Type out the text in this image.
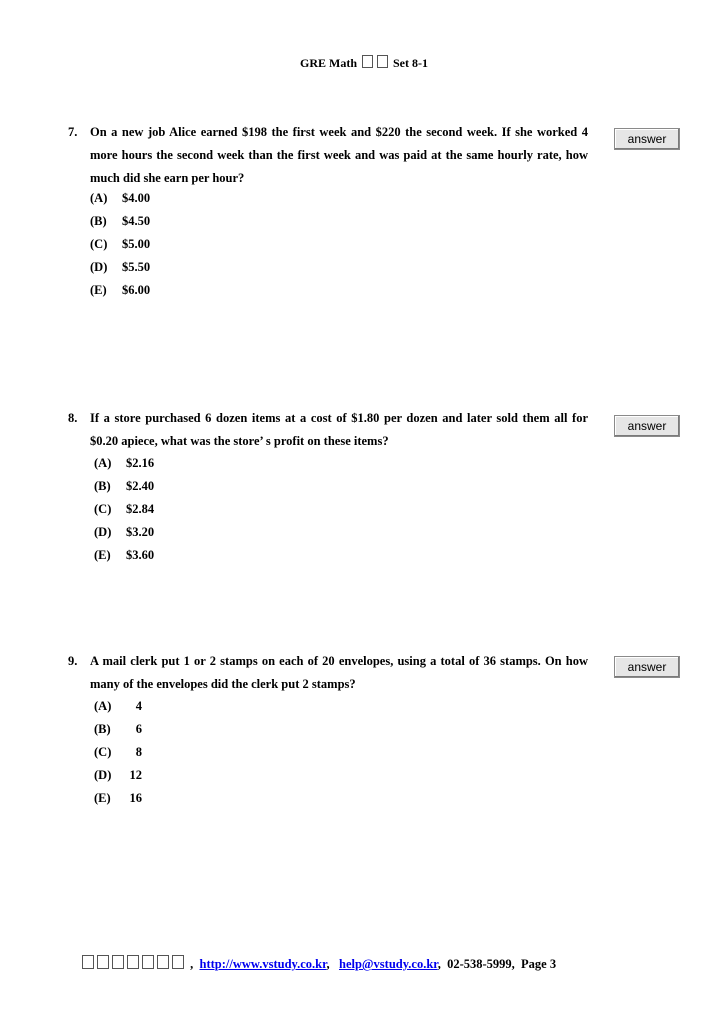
GRE Math	Set 8-1
7. On a new job Alice earned $198 the first week and $220 the second week. If she worked 4 more hours the second week than the first week and was paid at the same hourly rate, how much did she earn per hour?
(A) $4.00
(B) $4.50
(C) $5.00
(D) $5.50
(E) $6.00
answer
8. If a store purchased 6 dozen items at a cost of $1.80 per dozen and later sold them all for $0.20 apiece, what was the store’ s profit on these items?
(A) $2.16
(B) $2.40
(C) $2.84
(D) $3.20
(E) $3.60
answer
9. A mail clerk put 1 or 2 stamps on each of 20 envelopes, using a total of 36 stamps. On how many of the envelopes did the clerk put 2 stamps?
(A) 4
(B) 6
(C) 8
(D) 12
(E) 16
answer
, http://www.vstudy.co.kr, help@vstudy.co.kr, 02-538-5999, Page 3
